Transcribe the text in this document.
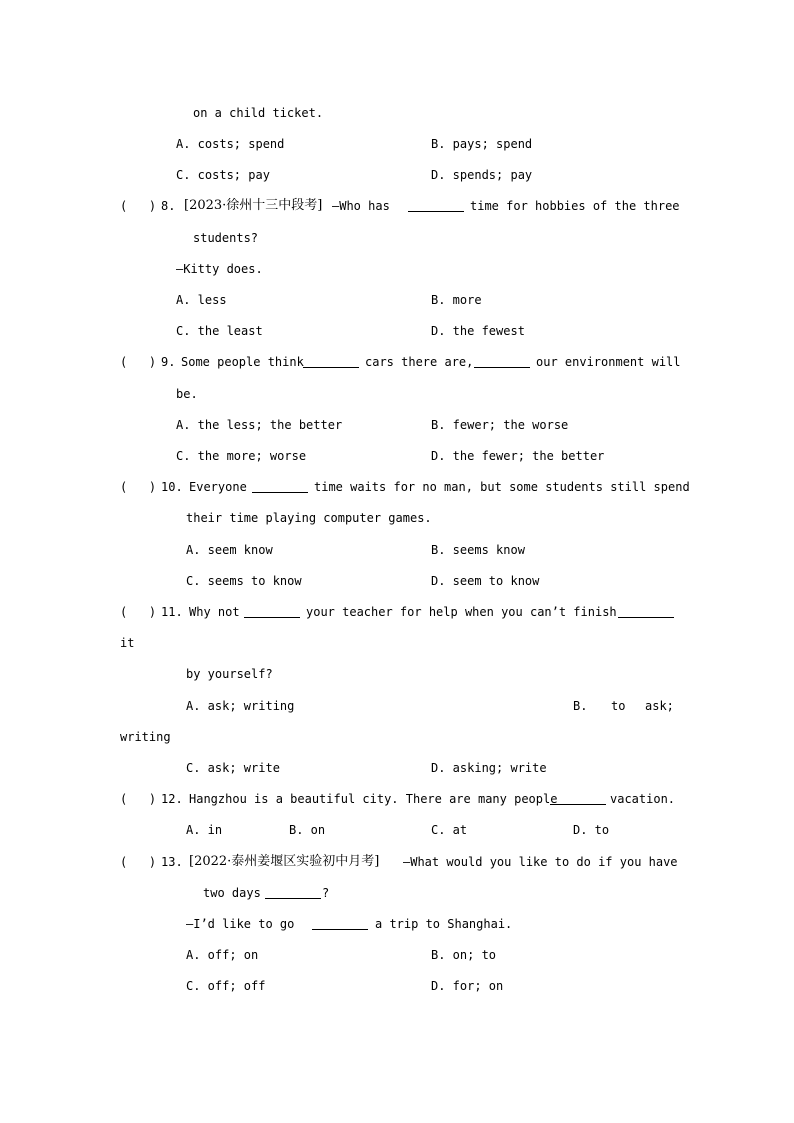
on a child ticket.
A. costs; spend	B. pays; spend
C. costs; pay	D. spends; pay
(   ) 8. [2023·徐州十三中段考] —Who has	time for hobbies of the three
students?
—Kitty does.
A. less	B. more
C. the least	D. the fewest
(   ) 9. Some people think	cars there are,	our environment will
be.
A. the less; the better	B. fewer; the worse
C. the more; worse	D. the fewer; the better
(   ) 10. Everyone	time waits for no man, but some students still spend
their time playing computer games.
A. seem know	B. seems know
C. seems to know	D. seem to know
(   ) 11. Why not	your teacher for help when you can’t finish
it
by yourself?
A. ask; writing	B. to ask;
writing
C. ask; write	D. asking; write
(   ) 12. Hangzhou is a beautiful city. There are many people	vacation.
A. in	B. on	C. at	D. to
(   ) 13. [2022·泰州姜堰区实验初中月考] —What would you like to do if you have
two days	?
—I’d like to go	a trip to Shanghai.
A. off; on	B. on; to
C. off; off	D. for; on
